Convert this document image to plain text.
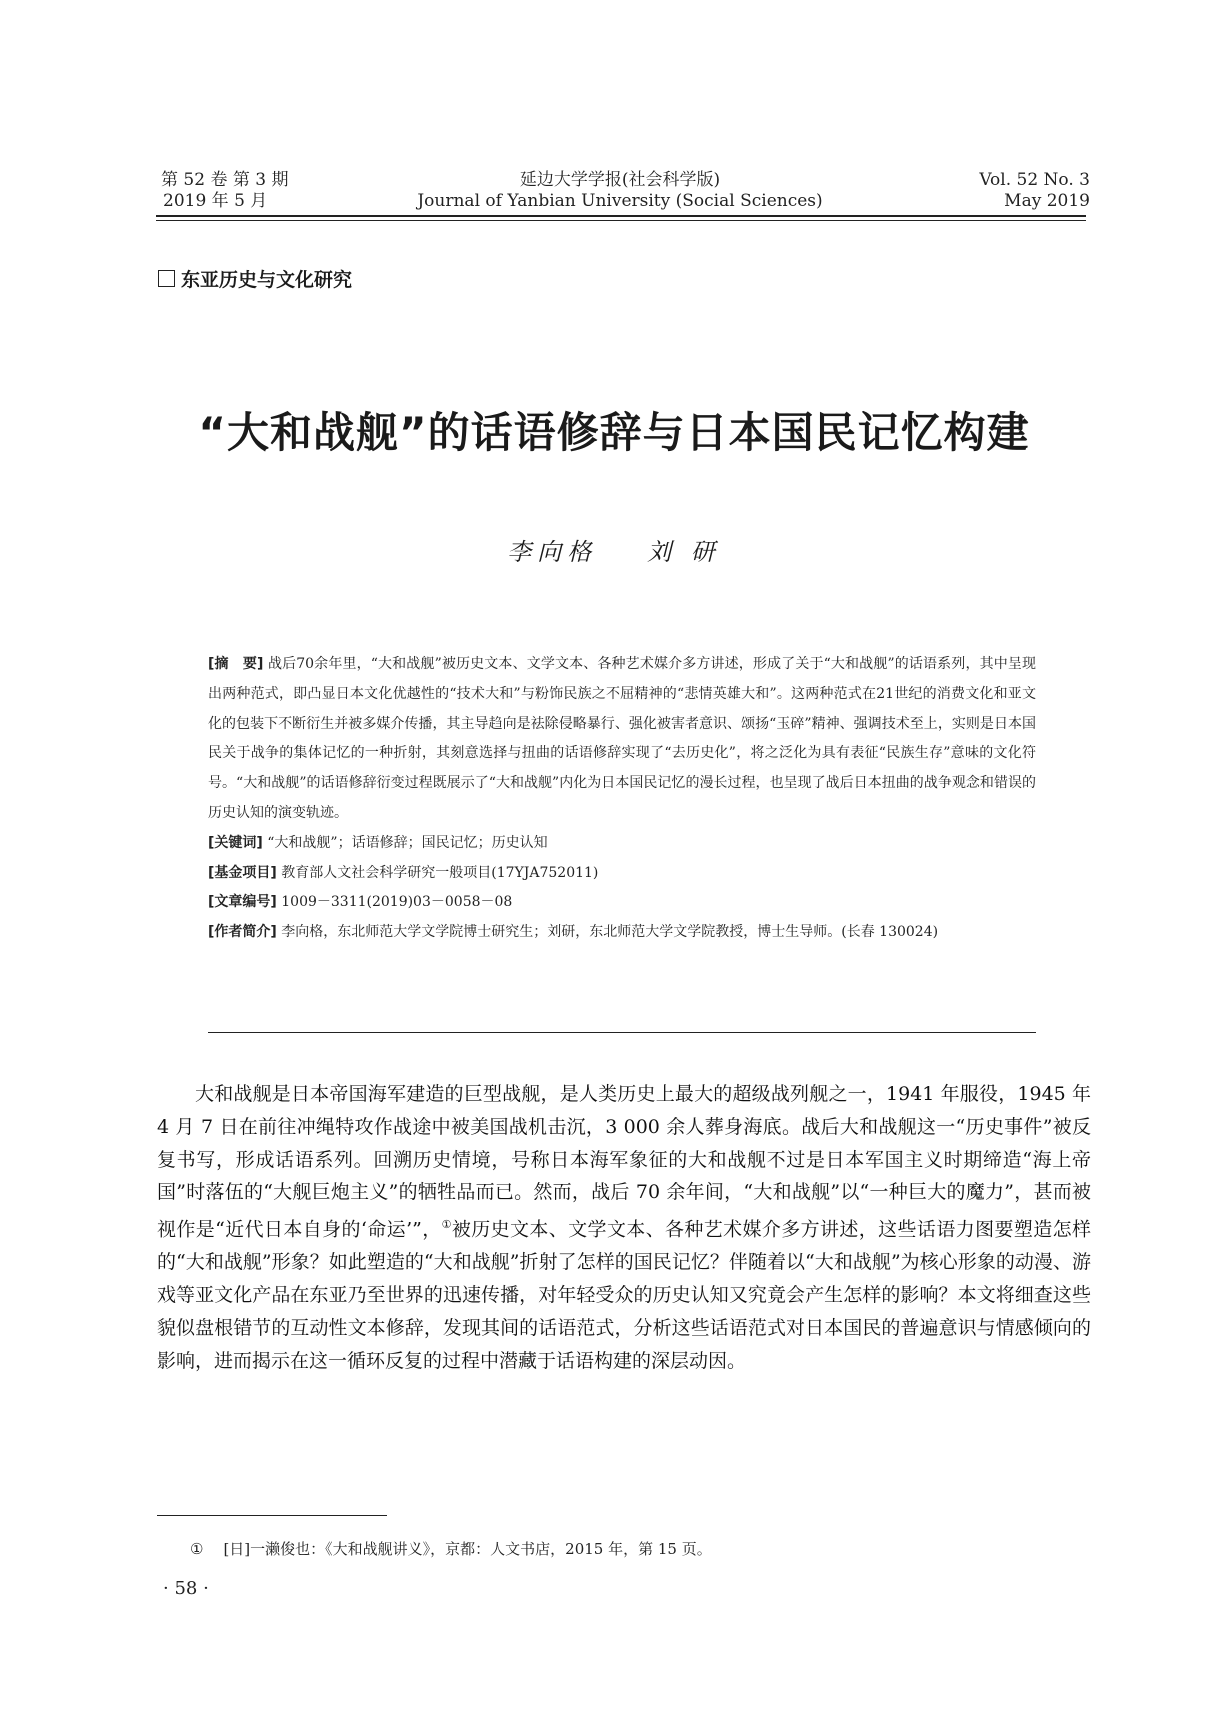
第 52 卷 第 3 期
2019 年 5 月
延边大学学报(社会科学版)
Journal of Yanbian University (Social Sciences)
Vol. 52 No. 3
May 2019
东亚历史与文化研究
“大和战舰”的话语修辞与日本国民记忆构建
李向格 刘 研

[摘　要] 战后70余年里，“大和战舰”被历史文本、文学文本、各种艺术媒介多方讲述，形成了关于“大和战舰”的话语系列，其中呈现出两种范式，即凸显日本文化优越性的“技术大和”与粉饰民族之不屈精神的“悲情英雄大和”。这两种范式在21世纪的消费文化和亚文化的包装下不断衍生并被多媒介传播，其主导趋向是祛除侵略暴行、强化被害者意识、颂扬“玉碎”精神、强调技术至上，实则是日本国民关于战争的集体记忆的一种折射，其刻意选择与扭曲的话语修辞实现了“去历史化”，将之泛化为具有表征“民族生存”意味的文化符号。“大和战舰”的话语修辞衍变过程既展示了“大和战舰”内化为日本国民记忆的漫长过程，也呈现了战后日本扭曲的战争观念和错误的历史认知的演变轨迹。

[关键词] “大和战舰”；话语修辞；国民记忆；历史认知

[基金项目] 教育部人文社会科学研究一般项目(17YJA752011)

[文章编号] 1009－3311(2019)03－0058－08

[作者简介] 李向格，东北师范大学文学院博士研究生；刘研，东北师范大学文学院教授，博士生导师。(长春 130024)

大和战舰是日本帝国海军建造的巨型战舰，是人类历史上最大的超级战列舰之一，1941 年服役，1945 年 4 月 7 日在前往冲绳特攻作战途中被美国战机击沉，3 000 余人葬身海底。战后大和战舰这一“历史事件”被反复书写，形成话语系列。回溯历史情境，号称日本海军象征的大和战舰不过是日本军国主义时期缔造“海上帝国”时落伍的“大舰巨炮主义”的牺牲品而已。然而，战后 70 余年间，“大和战舰”以“一种巨大的魔力”，甚而被视作是“近代日本自身的‘命运’”，①被历史文本、文学文本、各种艺术媒介多方讲述，这些话语力图要塑造怎样的“大和战舰”形象？如此塑造的“大和战舰”折射了怎样的国民记忆？伴随着以“大和战舰”为核心形象的动漫、游戏等亚文化产品在东亚乃至世界的迅速传播，对年轻受众的历史认知又究竟会产生怎样的影响？本文将细查这些貌似盘根错节的互动性文本修辞，发现其间的话语范式，分析这些话语范式对日本国民的普遍意识与情感倾向的影响，进而揭示在这一循环反复的过程中潜藏于话语构建的深层动因。

① [日]一濑俊也：《大和战舰讲义》，京都：人文书店，2015 年，第 15 页。
· 58 ·
